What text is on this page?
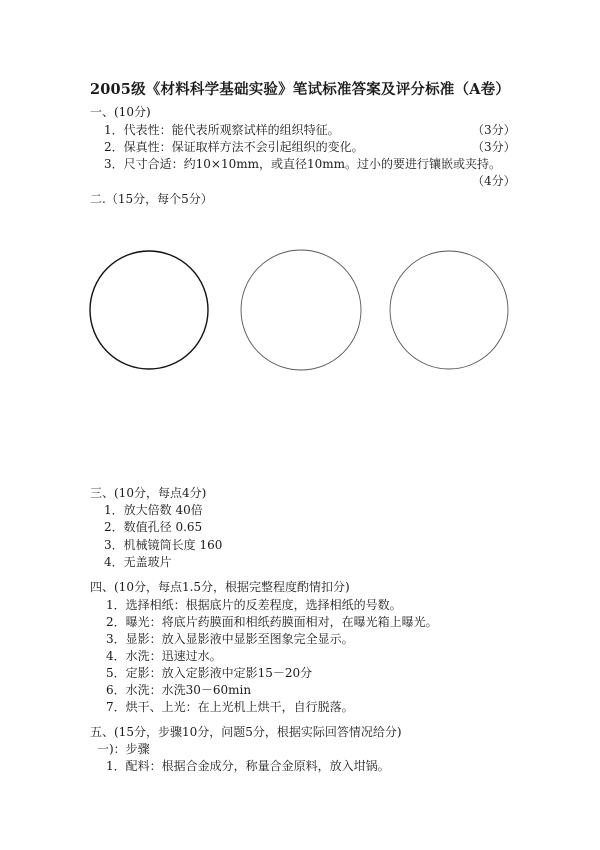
2005级《材料科学基础实验》笔试标准答案及评分标准（A卷）
一、(10分)
1．代表性：能代表所观察试样的组织特征。	（3分）
2．保真性：保证取样方法不会引起组织的变化。	（3分）
3．尺寸合适：约10×10mm，或直径10mm。过小的要进行镶嵌或夹持。
（4分）
二.（15分，每个5分）
三、(10分，每点4分)
1．放大倍数 40倍
2．数值孔径 0.65
3．机械镜筒长度 160
4．无盖玻片
四、(10分，每点1.5分，根据完整程度酌情扣分)
1．选择相纸：根据底片的反差程度，选择相纸的号数。
2．曝光：将底片药膜面和相纸药膜面相对，在曝光箱上曝光。
3．显影：放入显影液中显影至图象完全显示。
4．水洗：迅速过水。
5．定影：放入定影液中定影15－20分
6．水洗：水洗30－60min
7．烘干、上光：在上光机上烘干，自行脱落。
五、(15分，步骤10分，问题5分，根据实际回答情况给分)
一)：步骤
1．配料：根据合金成分，称量合金原料，放入坩锅。
